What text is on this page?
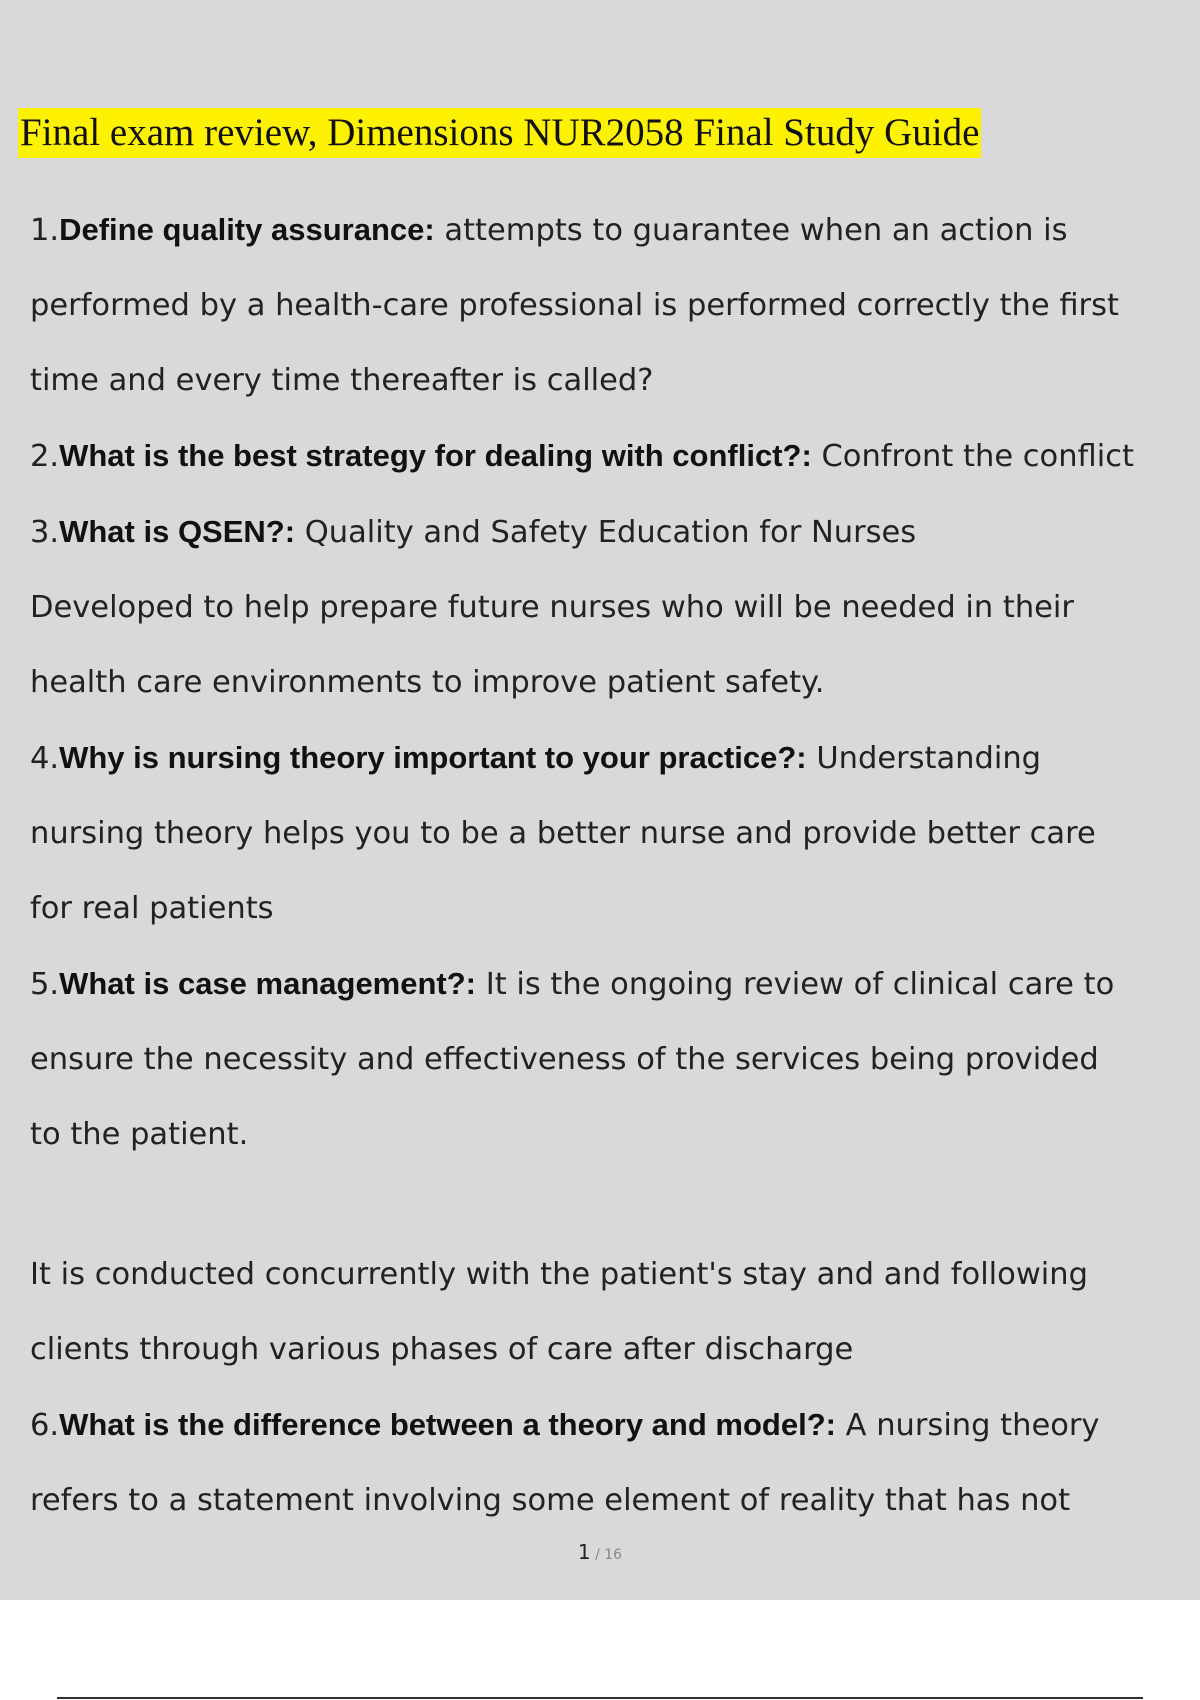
Final exam review, Dimensions NUR2058 Final Study Guide

1.Define quality assurance: attempts to guarantee when an action is

performed by a health-care professional is performed correctly the first

time and every time thereafter is called?

2.What is the best strategy for dealing with conflict?: Confront the conflict

3.What is QSEN?: Quality and Safety Education for Nurses

Developed to help prepare future nurses who will be needed in their

health care environments to improve patient safety.

4.Why is nursing theory important to your practice?: Understanding

nursing theory helps you to be a better nurse and provide better care

for real patients

5.What is case management?: It is the ongoing review of clinical care to

ensure the necessity and effectiveness of the services being provided

to the patient.

It is conducted concurrently with the patient's stay and and following

clients through various phases of care after discharge

6.What is the difference between a theory and model?: A nursing theory

refers to a statement involving some element of reality that has not

1 / 16
